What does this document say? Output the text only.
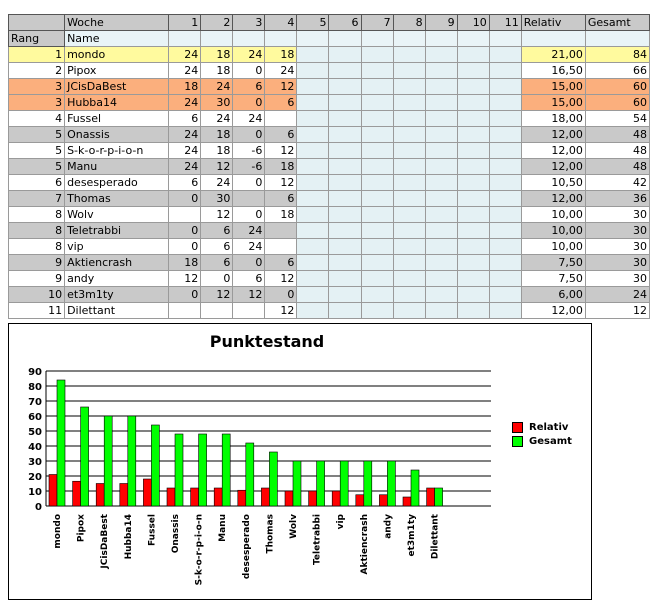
	Woche	1	2	3	4	5	6	7	8	9	10	11	Relativ	Gesamt
Rang	Name													
1	mondo	24	18	24	18								21,00	84
2	Pipox	24	18	0	24								16,50	66
3	JCisDaBest	18	24	6	12								15,00	60
3	Hubba14	24	30	0	6								15,00	60
4	Fussel	6	24	24									18,00	54
5	Onassis	24	18	0	6								12,00	48
5	S-k-o-r-p-i-o-n	24	18	-6	12								12,00	48
5	Manu	24	12	-6	18								12,00	48
6	desesperado	6	24	0	12								10,50	42
7	Thomas	0	30		6								12,00	36
8	Wolv		12	0	18								10,00	30
8	Teletrabbi	0	6	24									10,00	30
8	vip	0	6	24									10,00	30
9	Aktiencrash	18	6	0	6								7,50	30
9	andy	12	0	6	12								7,50	30
10	et3m1ty	0	12	12	0								6,00	24
11	Dilettant				12								12,00	12
Punktestand
0
10
20
30
40
50
60
70
80
90
mondo Pipox JCisDaBest Hubba14 Fussel Onassis S-k-o-r-p-i-o-n Manu desesperado Thomas Wolv Teletrabbi vip Aktiencrash andy et3m1ty Dilettant
Relativ
Gesamt
